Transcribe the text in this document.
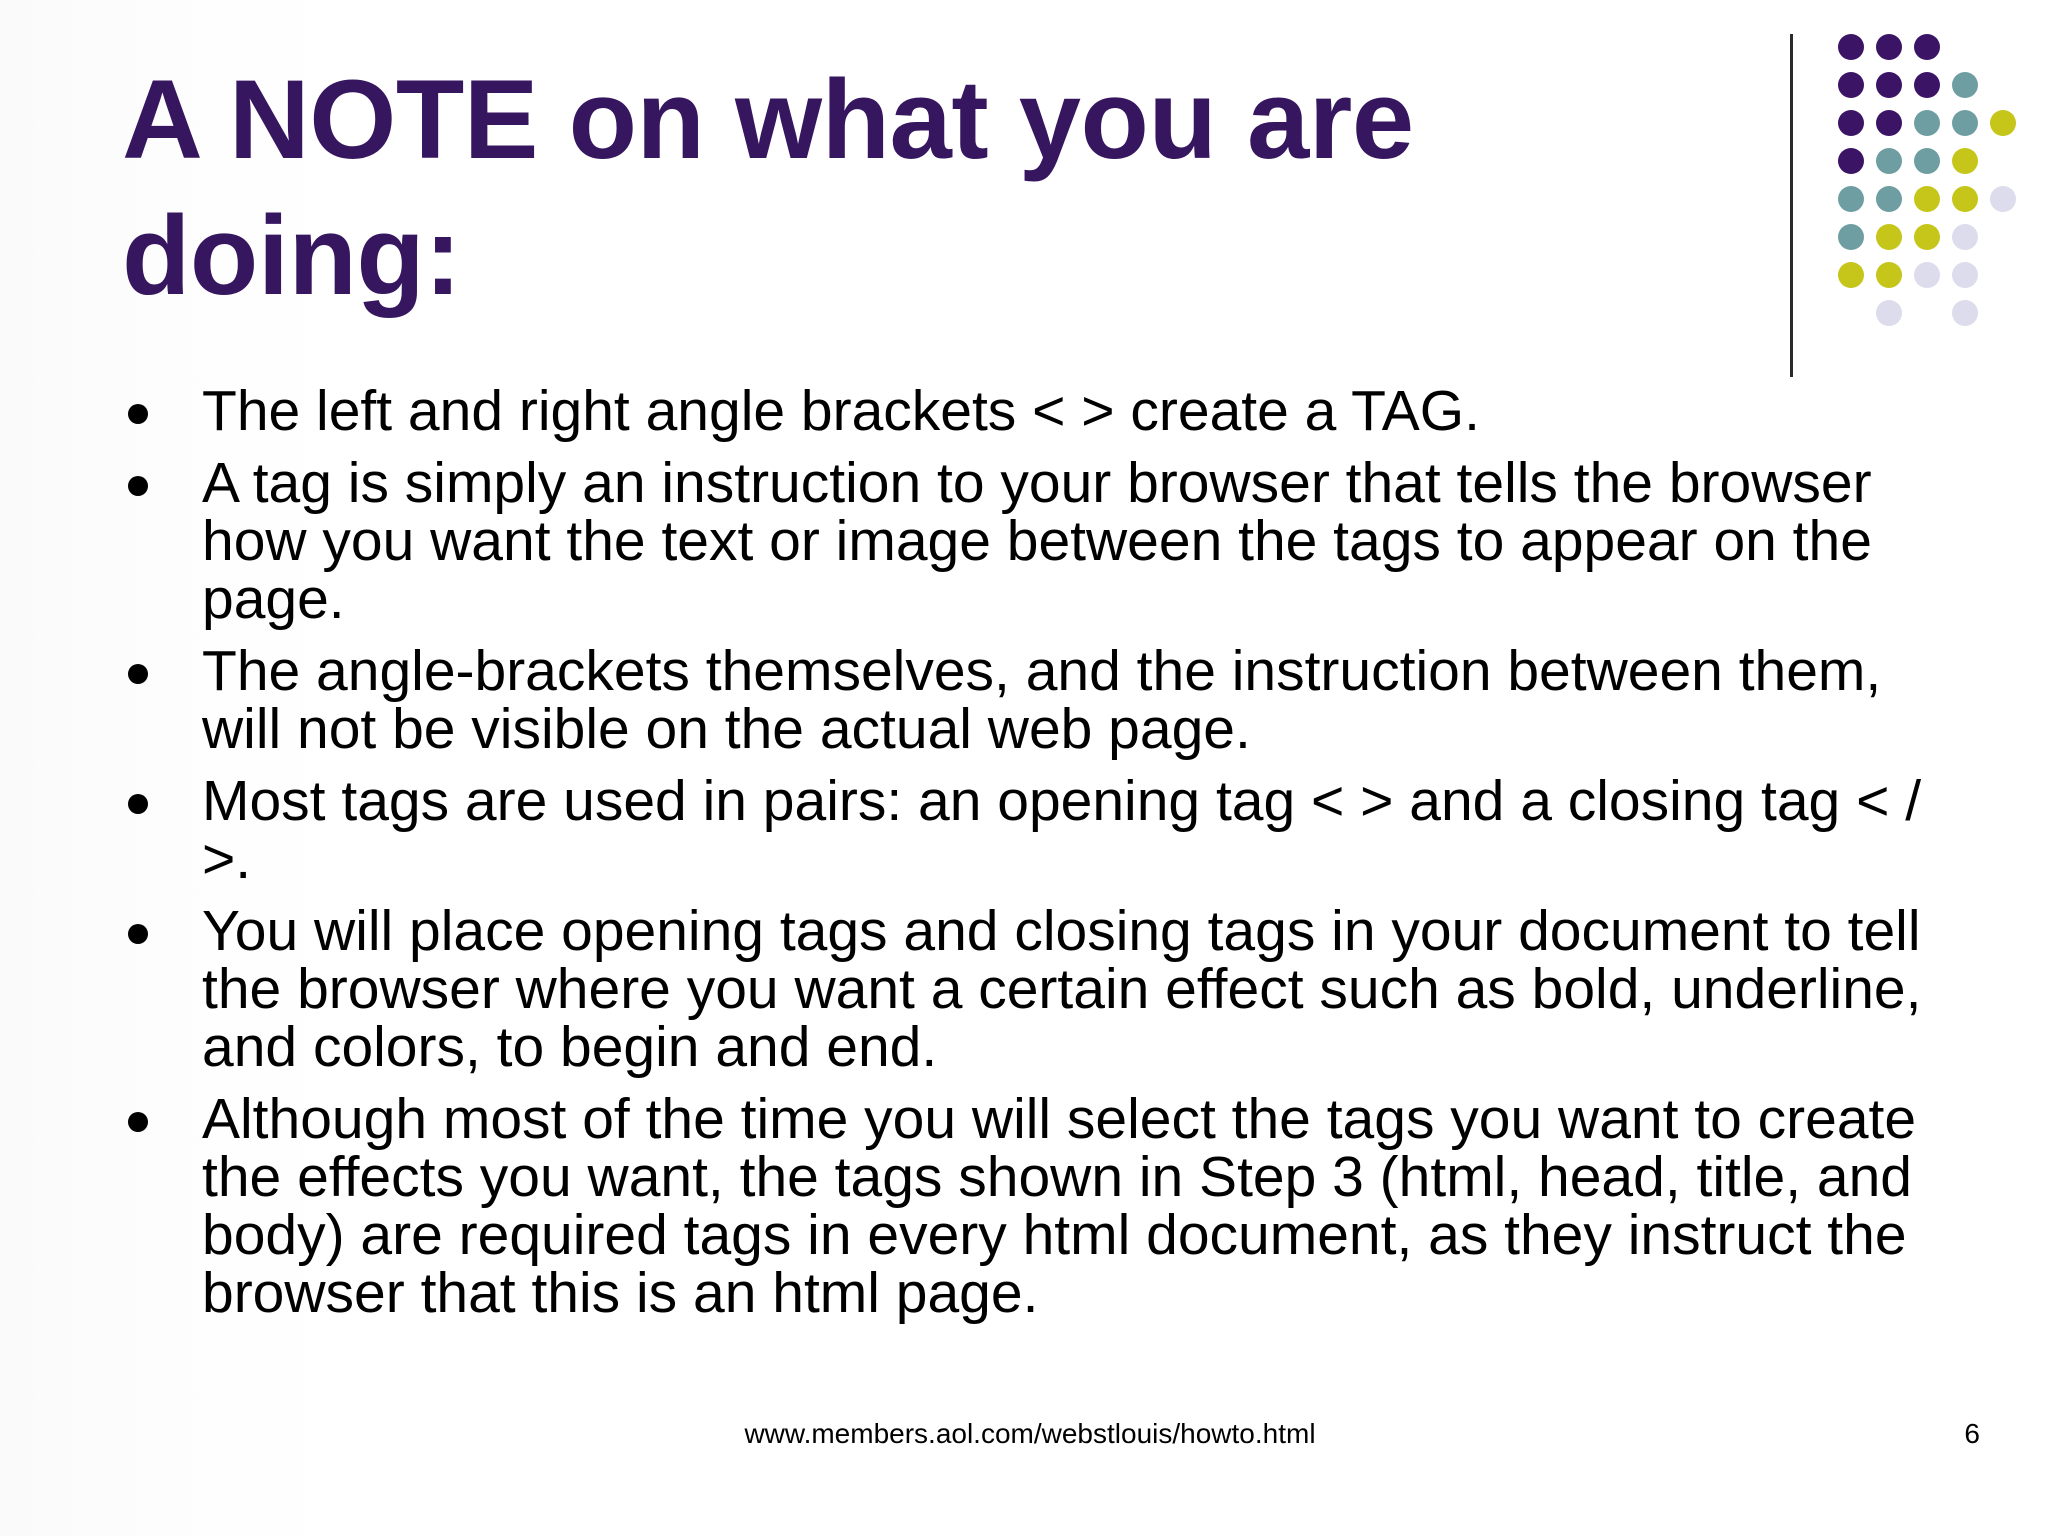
A NOTE on what you are doing:
The left and right angle brackets < > create a TAG.
A tag is simply an instruction to your browser that tells the browser how you want the text or image between the tags to appear on the page.
The angle-brackets themselves, and the instruction between them, will not be visible on the actual web page.
Most tags are used in pairs: an opening tag < > and a closing tag < / >.
You will place opening tags and closing tags in your document to tell the browser where you want a certain effect such as bold, underline, and colors, to begin and end.
Although most of the time you will select the tags you want to create the effects you want, the tags shown in Step 3 (html, head, title, and body) are required tags in every html document, as they instruct the browser that this is an html page.
www.members.aol.com/webstlouis/howto.html	6
